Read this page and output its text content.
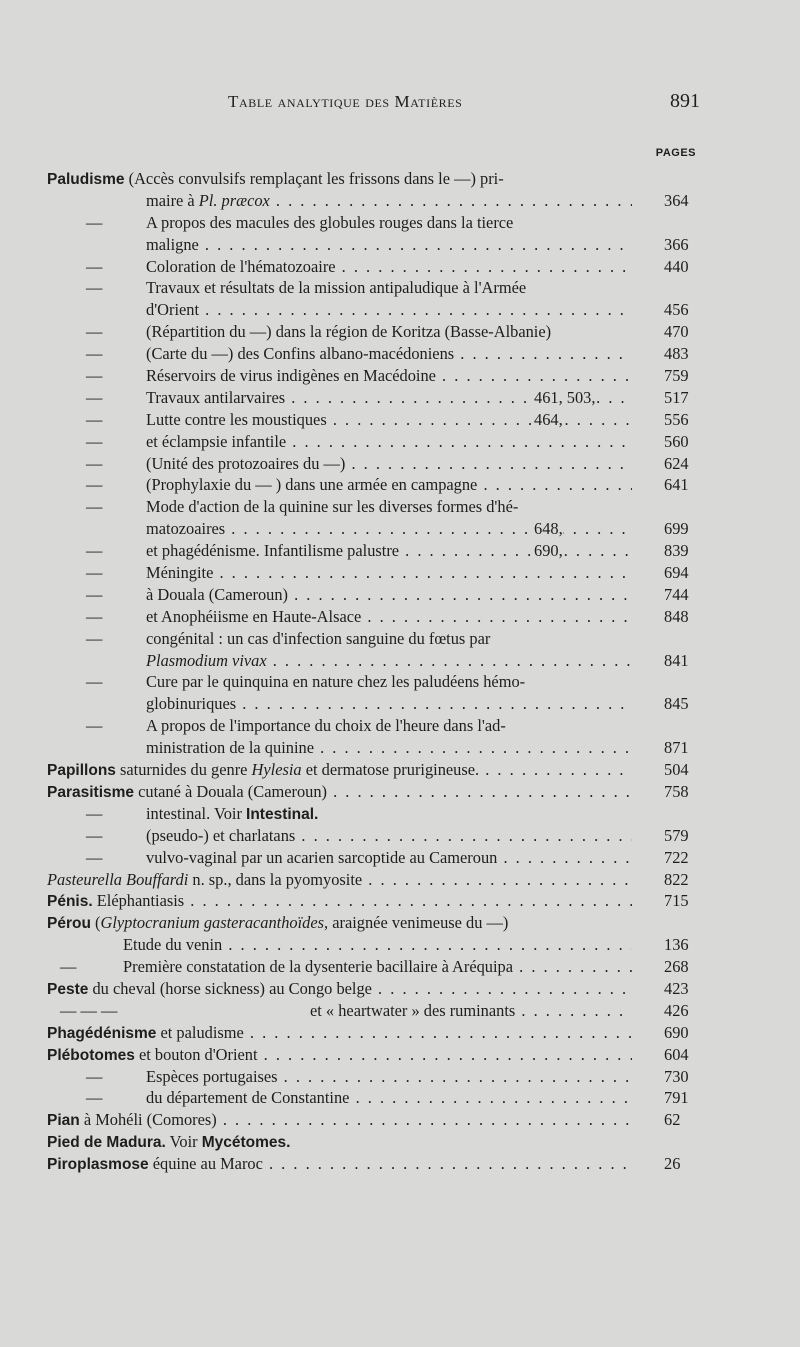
Table analytique des Matières	891
PAGES
Paludisme (Accès convulsifs remplaçant les frissons dans le —) pri-
maire à Pl. præcox . . .	364
—	A propos des macules des globules rouges dans la tierce
maligne . . .	366
—	Coloration de l'hématozoaire . . .	440
—	Travaux et résultats de la mission antipaludique à l'Armée
d'Orient . . .	456
—	(Répartition du —) dans la région de Koritza (Basse-Albanie)	470
—	(Carte du —) des Confins albano-macédoniens . . .	483
—	Réservoirs de virus indigènes en Macédoine . . .	759
—	Travaux antilarvaires . . .	461, 503,	517
—	Lutte contre les moustiques . . .	464,	556
—	et éclampsie infantile . . .	560
—	(Unité des protozoaires du —) . . .	624
—	(Prophylaxie du — ) dans une armée en campagne . . .	641
—	Mode d'action de la quinine sur les diverses formes d'hé-
matozoaires . . .	648,	699
—	et phagédénisme. Infantilisme palustre . . .	690,	839
—	Méningite . . .	694
—	à Douala (Cameroun) . . .	744
—	et Anophéiisme en Haute-Alsace . . .	848
—	congénital : un cas d'infection sanguine du fœtus par
Plasmodium vivax . . .	841
—	Cure par le quinquina en nature chez les paludéens hémo-
globinuriques . . .	845
—	A propos de l'importance du choix de l'heure dans l'ad-
ministration de la quinine . . .	871
Papillons saturnides du genre Hylesia et dermatose prurigineuse. . . .	504
Parasitisme cutané à Douala (Cameroun) . . .	758
—	intestinal. Voir Intestinal.
—	(pseudo-) et charlatans . . .	579
—	vulvo-vaginal par un acarien sarcoptide au Cameroun . . .	722
Pasteurella Bouffardi n. sp., dans la pyomyosite . . .	822
Pénis. Eléphantiasis . . .	715
Pérou (Glyptocranium gasteracanthoïdes, araignée venimeuse du —)
Etude du venin . . .	136
—	Première constatation de la dysenterie bacillaire à Aréquipa . . .	268
Peste du cheval (horse sickness) au Congo belge . . .	423
— — —	et « heartwater » des ruminants . . .	426
Phagédénisme et paludisme . . .	690
Plébotomes et bouton d'Orient . . .	604
—	Espèces portugaises . . .	730
—	du département de Constantine . . .	791
Pian à Mohéli (Comores) . . .	62
Pied de Madura. Voir Mycétomes.
Piroplasmose équine au Maroc . . .	26
